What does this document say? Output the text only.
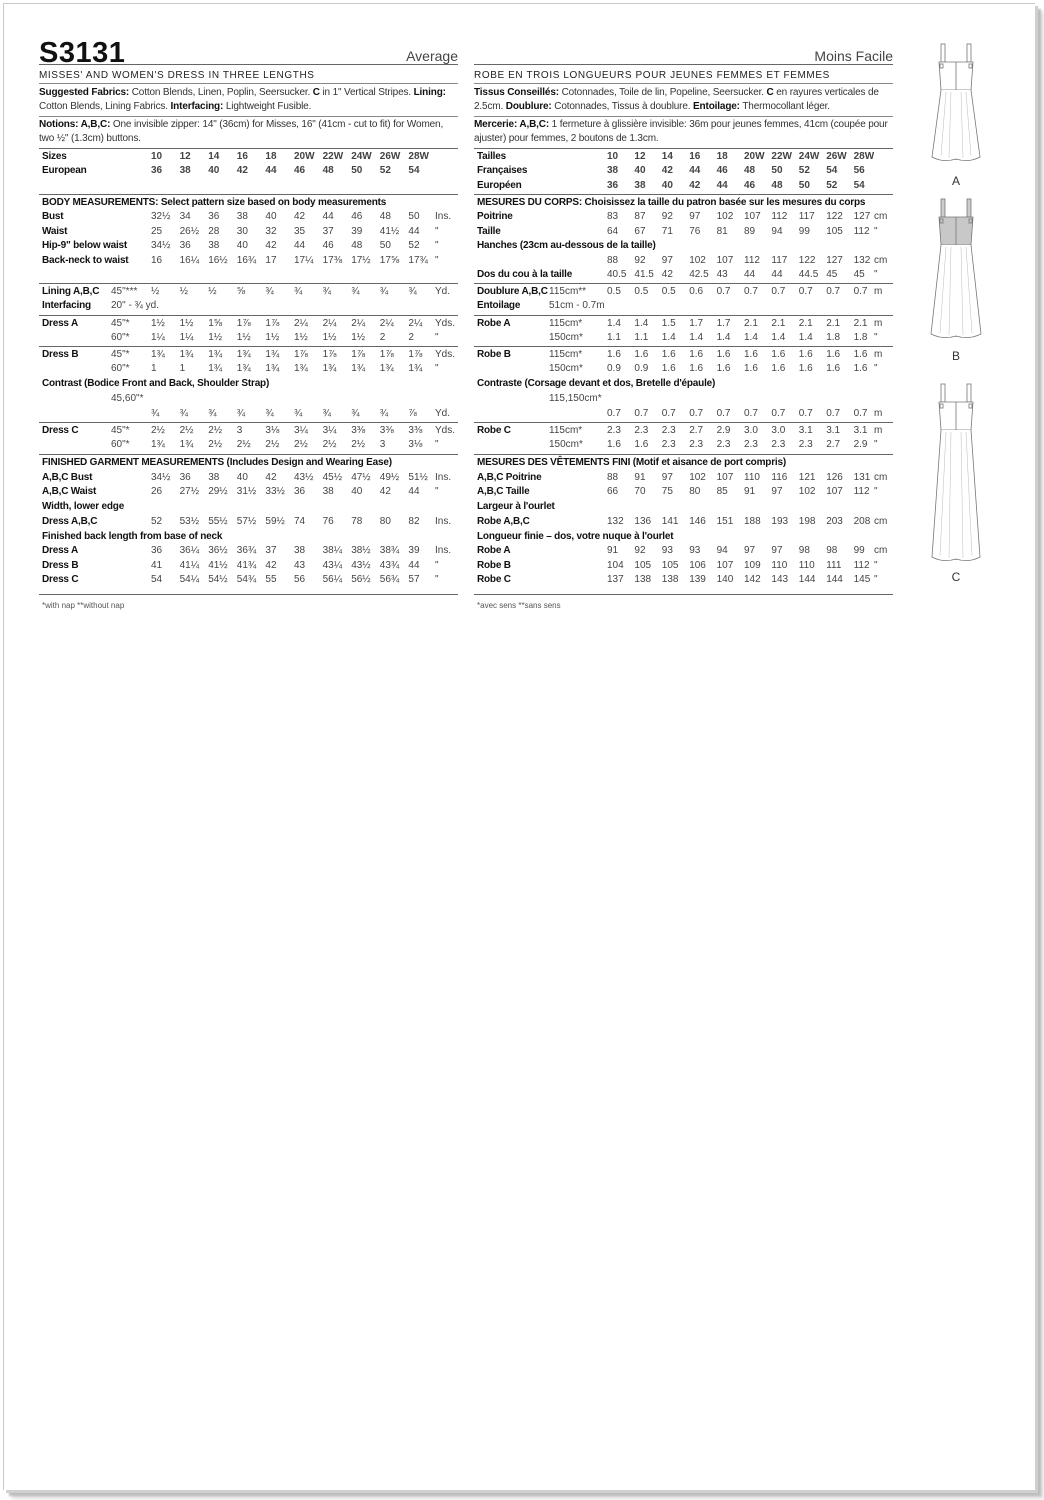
S3131	Average
MISSES' AND WOMEN'S DRESS IN THREE LENGTHS
Suggested Fabrics: Cotton Blends, Linen, Poplin, Seersucker. C in 1" Vertical Stripes. Lining: Cotton Blends, Lining Fabrics. Interfacing: Lightweight Fusible.
Notions: A,B,C: One invisible zipper: 14" (36cm) for Misses, 16" (41cm - cut to fit) for Women, two ½" (1.3cm) buttons.
Sizes	10 12 14 16 18 20W 22W 24W 26W 28W
European	36 38 40 42 44 46 48 50 52 54
BODY MEASUREMENTS: Select pattern size based on body measurements
Bust	32½ 34 36 38 40 42 44 46 48 50 Ins.
Waist	25 26½ 28 30 32 35 37 39 41½ 44 "
Hip-9" below waist 34½ 36 38 40 42 44 46 48 50 52 "
Back-neck to waist 16 16¼ 16½ 16¾ 17 17¼ 17⅜ 17½ 17⅝ 17¾ "
Lining A,B,C 45"*** ½ ½ ½ ⅝ ¾ ¾ ¾ ¾ ¾ ¾ Yd.
Interfacing 20" - ¾ yd.
Dress A	45"* 1½ 1½ 1⅝ 1⅞ 1⅞ 2¼ 2¼ 2¼ 2¼ 2¼ Yds.
60"* 1¼ 1¼ 1½ 1½ 1½ 1½ 1½ 1½ 2 2 "
Dress B	45"* 1¾ 1¾ 1¾ 1¾ 1¾ 1⅞ 1⅞ 1⅞ 1⅞ 1⅞ Yds.
60"* 1 1 1¾ 1¾ 1¾ 1¾ 1¾ 1¾ 1¾ 1¾ "
Contrast (Bodice Front and Back, Shoulder Strap)
45,60"*
¾ ¾ ¾ ¾ ¾ ¾ ¾ ¾ ¾ ⅞ Yd.
Dress C	45"* 2½ 2½ 2½ 3 3⅛ 3¼ 3¼ 3⅜ 3⅜ 3⅜ Yds.
60"* 1¾ 1¾ 2½ 2½ 2½ 2½ 2½ 2½ 3 3⅛ "
FINISHED GARMENT MEASUREMENTS (Includes Design and Wearing Ease)
A,B,C Bust	34½ 36 38 40 42 43½ 45½ 47½ 49½ 51½ Ins.
A,B,C Waist	26 27½ 29½ 31½ 33½ 36 38 40 42 44 "
Width, lower edge
Dress A,B,C	52 53½ 55½ 57½ 59½ 74 76 78 80 82 Ins.
Finished back length from base of neck
Dress A	36 36¼ 36½ 36¾ 37 38 38¼ 38½ 38¾ 39 Ins.
Dress B	41 41¼ 41½ 41¾ 42 43 43¼ 43½ 43¾ 44 "
Dress C	54 54¼ 54½ 54¾ 55 56 56¼ 56½ 56¾ 57 "
*with nap **without nap
Moins Facile
ROBE EN TROIS LONGUEURS POUR JEUNES FEMMES ET FEMMES
Tissus Conseillés: Cotonnades, Toile de lin, Popeline, Seersucker. C en rayures verticales de 2.5cm. Doublure: Cotonnades, Tissus à doublure. Entoilage: Thermocollant léger.
Mercerie: A,B,C: 1 fermeture à glissière invisible: 36m pour jeunes femmes, 41cm (coupée pour ajuster) pour femmes, 2 boutons de 1.3cm.
Tailles	10 12 14 16 18 20W 22W 24W 26W 28W
Françaises	38 40 42 44 46 48 50 52 54 56
Européen	36 38 40 42 44 46 48 50 52 54
MESURES DU CORPS: Choisissez la taille du patron basée sur les mesures du corps
Poitrine	83 87 92 97 102 107 112 117 122 127 cm
Taille	64 67 71 76 81 89 94 99 105 112 "
Hanches (23cm au-dessous de la taille)
88 92 97 102 107 112 117 122 127 132 cm
Dos du cou à la taille	40.5 41.5 42 42.5 43 44 44 44.5 45 45 "
Doublure A,B,C 115cm** 0.5 0.5 0.5 0.6 0.7 0.7 0.7 0.7 0.7 0.7 m
Entoilage	51cm - 0.7m
Robe A	115cm* 1.4 1.4 1.5 1.7 1.7 2.1 2.1 2.1 2.1 2.1 m
150cm* 1.1 1.1 1.4 1.4 1.4 1.4 1.4 1.4 1.8 1.8 "
Robe B	115cm* 1.6 1.6 1.6 1.6 1.6 1.6 1.6 1.6 1.6 1.6 m
150cm* 0.9 0.9 1.6 1.6 1.6 1.6 1.6 1.6 1.6 1.6 "
Contraste (Corsage devant et dos, Bretelle d'épaule)
115,150cm*
0.7 0.7 0.7 0.7 0.7 0.7 0.7 0.7 0.7 0.7 m
Robe C	115cm* 2.3 2.3 2.3 2.7 2.9 3.0 3.0 3.1 3.1 3.1 m
150cm* 1.6 1.6 2.3 2.3 2.3 2.3 2.3 2.3 2.7 2.9 "
MESURES DES VÊTEMENTS FINI (Motif et aisance de port compris)
A,B,C Poitrine	88 91 97 102 107 110 116 121 126 131 cm
A,B,C Taille	66 70 75 80 85 91 97 102 107 112 "
Largeur à l'ourlet
Robe A,B,C	132 136 141 146 151 188 193 198 203 208 cm
Longueur finie – dos, votre nuque à l'ourlet
Robe A	91 92 93 93 94 97 97 98 98 99 cm
Robe B	104 105 105 106 107 109 110 110 111 112 "
Robe C	137 138 138 139 140 142 143 144 144 145 "
*avec sens **sans sens
A
B
C
